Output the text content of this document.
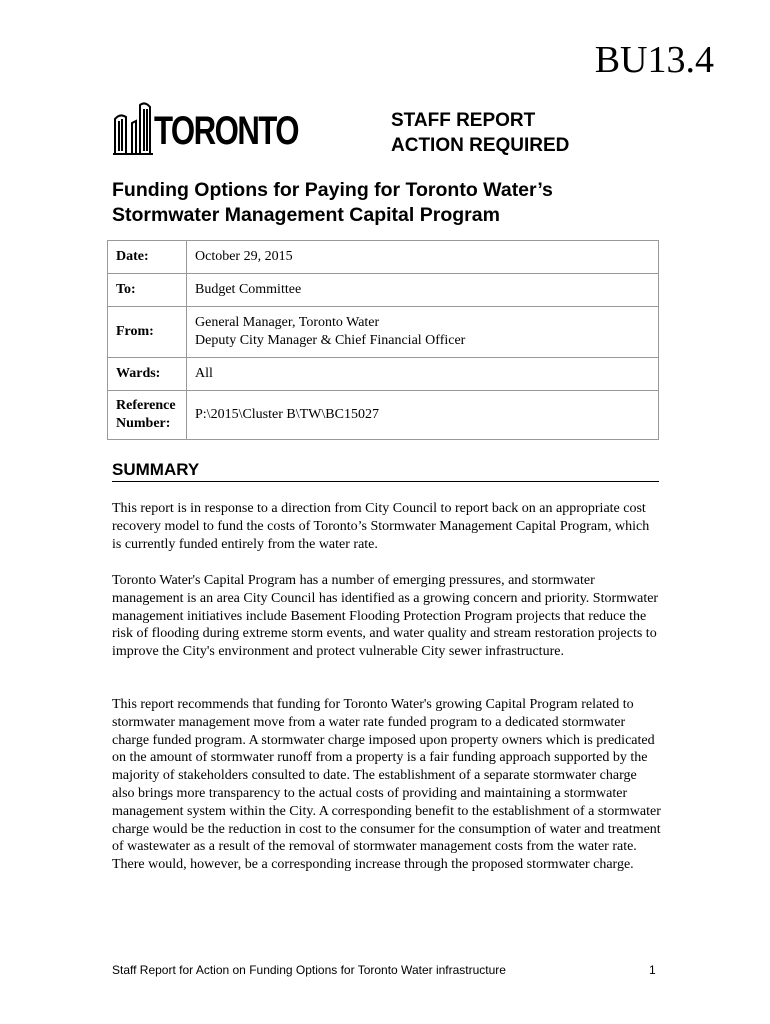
BU13.4
TORONTO	STAFF REPORT
ACTION REQUIRED
Funding Options for Paying for Toronto Water’s
Stormwater Management Capital Program
Date:	October 29, 2015
To:	Budget Committee
From:	General Manager, Toronto Water
Deputy City Manager & Chief Financial Officer

Wards:	All

Reference
Number:	P:\2015\Cluster B\TW\BC15027
SUMMARY
This report is in response to a direction from City Council to report back on an appropriate cost recovery model to fund the costs of Toronto’s Stormwater Management Capital Program, which is currently funded entirely from the water rate.
Toronto Water's Capital Program has a number of emerging pressures, and stormwater management is an area City Council has identified as a growing concern and priority. Stormwater management initiatives include Basement Flooding Protection Program projects that reduce the risk of flooding during extreme storm events, and water quality and stream restoration projects to improve the City's environment and protect vulnerable City sewer infrastructure.
This report recommends that funding for Toronto Water's growing Capital Program related to stormwater management move from a water rate funded program to a dedicated stormwater charge funded program. A stormwater charge imposed upon property owners which is predicated on the amount of stormwater runoff from a property is a fair funding approach supported by the majority of stakeholders consulted to date. The establishment of a separate stormwater charge also brings more transparency to the actual costs of providing and maintaining a stormwater management system within the City. A corresponding benefit to the establishment of a stormwater charge would be the reduction in cost to the consumer for the consumption of water and treatment of wastewater as a result of the removal of stormwater management costs from the water rate. There would, however, be a corresponding increase through the proposed stormwater charge.
Staff Report for Action on Funding Options for Toronto Water infrastructure	1
